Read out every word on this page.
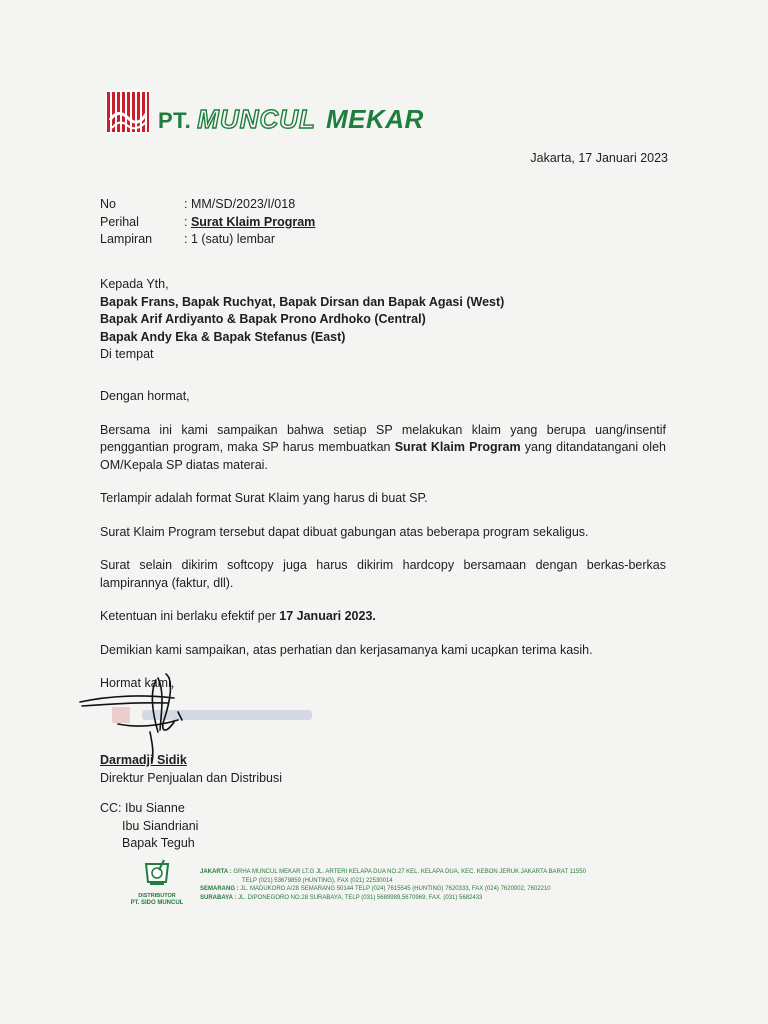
PT. MUNCUL MEKAR
Jakarta, 17 Januari 2023
No	: MM/SD/2023/I/018
Perihal	: Surat Klaim Program
Lampiran	: 1 (satu) lembar
Kepada Yth,
Bapak Frans, Bapak Ruchyat, Bapak Dirsan dan Bapak Agasi (West)
Bapak Arif Ardiyanto & Bapak Prono Ardhoko (Central)
Bapak Andy Eka & Bapak Stefanus (East)
Di tempat

Dengan hormat,

Bersama ini kami sampaikan bahwa setiap SP melakukan klaim yang berupa uang/insentif penggantian program, maka SP harus membuatkan Surat Klaim Program yang ditandatangani oleh OM/Kepala SP diatas materai.

Terlampir adalah format Surat Klaim yang harus di buat SP.

Surat Klaim Program tersebut dapat dibuat gabungan atas beberapa program sekaligus.

Surat selain dikirim softcopy juga harus dikirim hardcopy bersamaan dengan berkas-berkas lampirannya (faktur, dll).

Ketentuan ini berlaku efektif per 17 Januari 2023.

Demikian kami sampaikan, atas perhatian dan kerjasamanya kami ucapkan terima kasih.

Hormat kami,

Darmadji Sidik
Direktur Penjualan dan Distribusi
CC: Ibu Sianne
Ibu Siandriani
Bapak Teguh
DISTRIBUTOR
PT. SIDO MUNCUL
JAKARTA : GRHA MUNCUL MEKAR LT.G JL. ARTERI KELAPA DUA NO.27 KEL. KELAPA DUA, KEC. KEBON JERUK JAKARTA BARAT 11550
TELP (021) 53679859 (HUNTING), FAX (021) 22530014
SEMARANG : JL. MADUKORO A/28 SEMARANG 50144 TELP (024) 7615545 (HUNTING) 7620333, FAX (024) 7620002, 7602210
SURABAYA : JL. DIPONEGORO NO.28 SURABAYA, TELP (031) 5689989,5670969, FAX. (031) 5682433
